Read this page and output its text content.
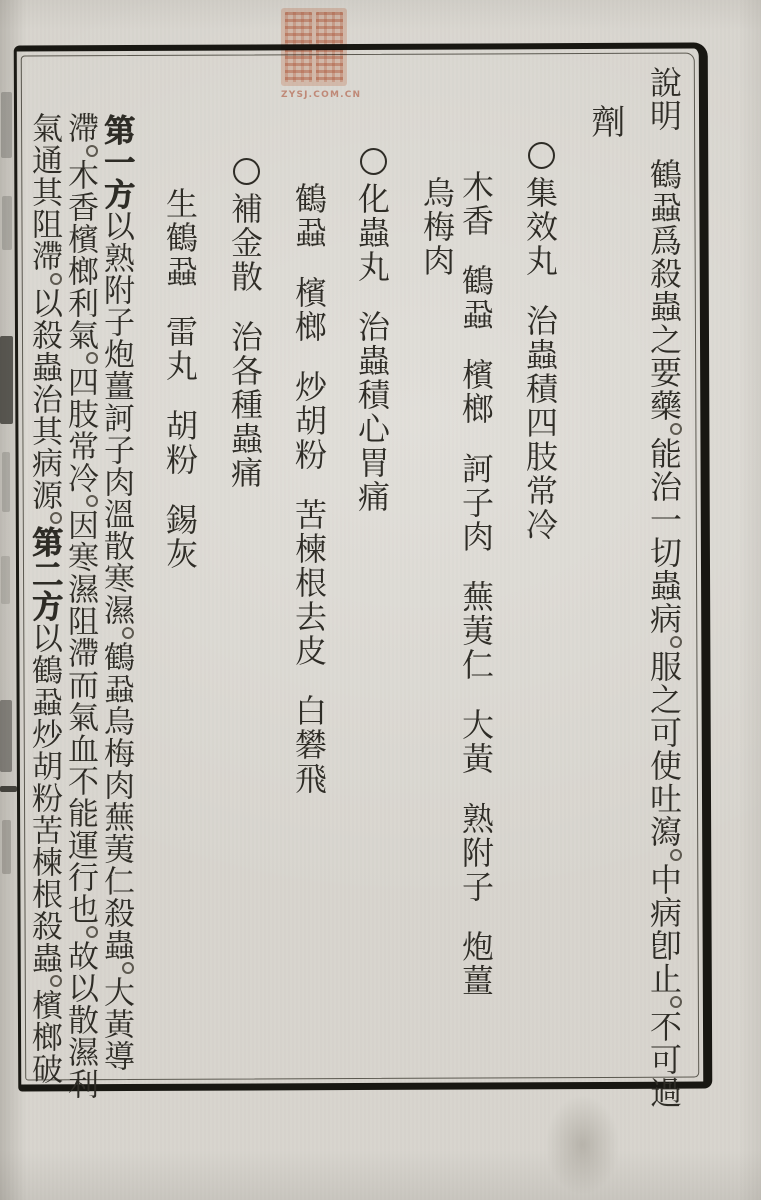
說明鶴蝨爲殺蟲之要藥能治一切蟲病服之可使吐瀉中病卽止不可過
劑
集效丸治蟲積四肢常冷
木香鶴蝨檳榔訶子肉蕪荑仁大黃熟附子炮薑
烏梅肉
化蟲丸治蟲積心胃痛
鶴蝨檳榔炒胡粉苦楝根去皮白礬飛
補金散治各種蟲痛
生鶴蝨雷丸胡粉錫灰
第一方以熟附子炮薑訶子肉溫散寒濕鶴蝨烏梅肉蕪荑仁殺蟲大黃導
滯木香檳榔利氣四肢常冷因寒濕阻滯而氣血不能運行也故以散濕利
氣通其阻滯以殺蟲治其病源第二方以鶴蝨炒胡粉苦楝根殺蟲檳榔破
ZYSJ.COM.CN
